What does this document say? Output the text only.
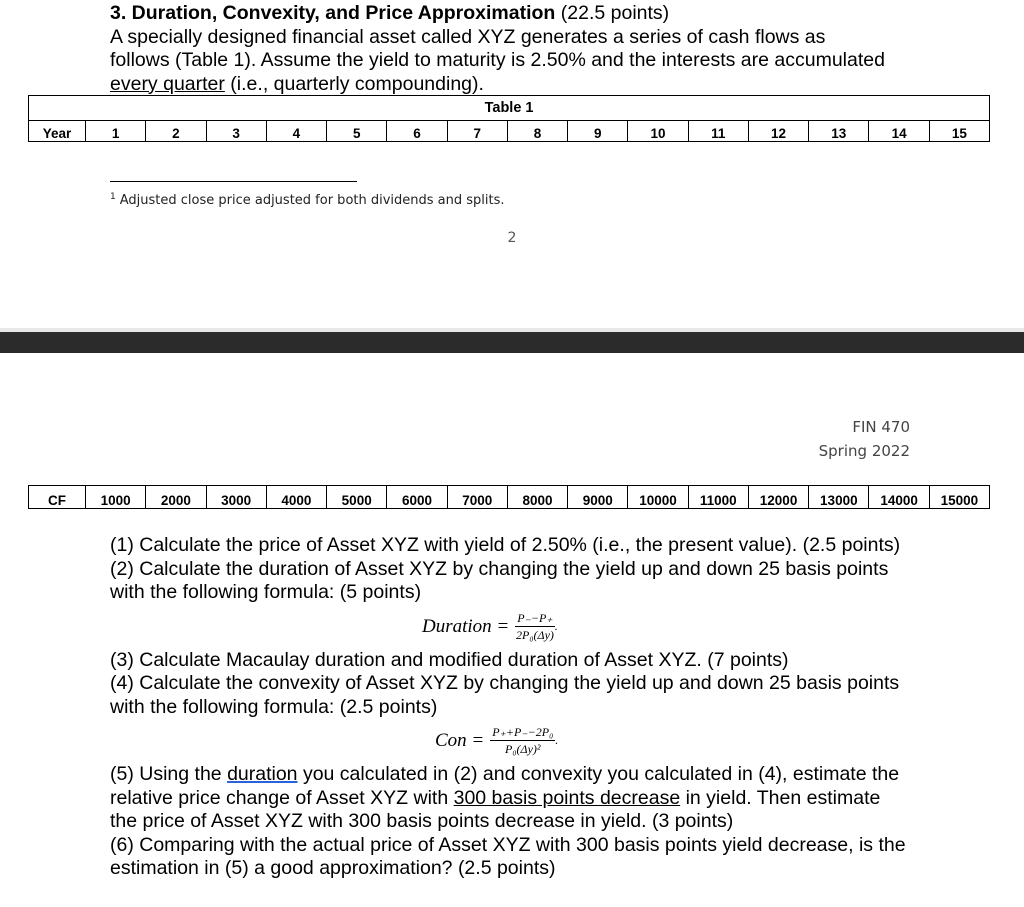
3. Duration, Convexity, and Price Approximation (22.5 points)
A specially designed financial asset called XYZ generates a series of cash flows as follows (Table 1). Assume the yield to maturity is 2.50% and the interests are accumulated every quarter (i.e., quarterly compounding).
Table 1
Year	1	2	3	4	5	6	7	8	9	10	11	12	13	14	15
$^1$ Adjusted close price adjusted for both dividends and splits.
2
FIN 470
Spring 2022
CF	1000	2000	3000	4000	5000	6000	7000	8000	9000	10000	11000	12000	13000	14000	15000

(1) Calculate the price of Asset XYZ with yield of 2.50% (i.e., the present value). (2.5 points)

(2) Calculate the duration of Asset XYZ by changing the yield up and down 25 basis points with the following formula: (5 points)

Duration = $\frac{P_--P_+}{\text{2P₀(Δy)}}$ .

(3) Calculate Macaulay duration and modified duration of Asset XYZ. (7 points)

(4) Calculate the convexity of Asset XYZ by changing the yield up and down 25 basis points with the following formula: (2.5 points)

Con = $\frac{\text{P₊+P₋−2P₀}}{\text{P₀(Δy)²}}$ .

(5) Using the duration you calculated in (2) and convexity you calculated in (4), estimate the relative price change of Asset XYZ with 300 basis points decrease in yield. Then estimate the price of Asset XYZ with 300 basis points decrease in yield. (3 points)

(6) Comparing with the actual price of Asset XYZ with 300 basis points yield decrease, is the estimation in (5) a good approximation? (2.5 points)
